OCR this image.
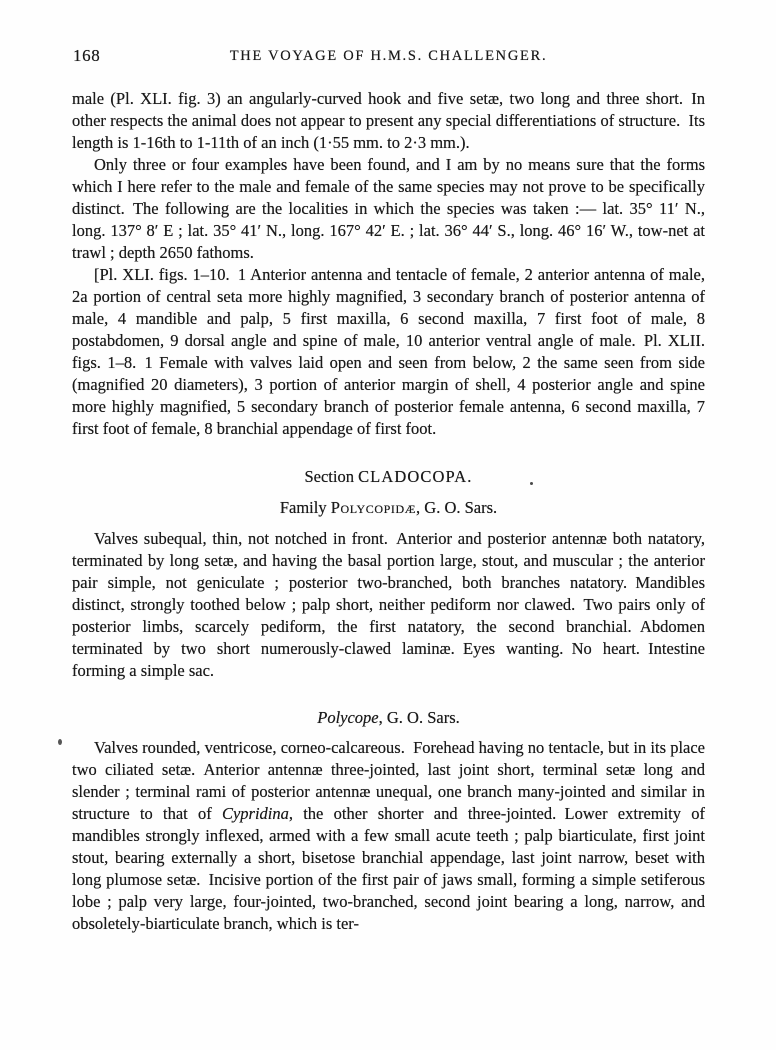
168	THE VOYAGE OF H.M.S. CHALLENGER.

male (Pl. XLI. fig. 3) an angularly-curved hook and five setæ, two long and three short. In other respects the animal does not appear to present any special differentiations of structure. Its length is 1-16th to 1-11th of an inch (1·55 mm. to 2·3 mm.).

Only three or four examples have been found, and I am by no means sure that the forms which I here refer to the male and female of the same species may not prove to be specifically distinct. The following are the localities in which the species was taken :— lat. 35° 11′ N., long. 137° 8′ E ; lat. 35° 41′ N., long. 167° 42′ E. ; lat. 36° 44′ S., long. 46° 16′ W., tow-net at trawl ; depth 2650 fathoms.

[Pl. XLI. figs. 1–10. 1 Anterior antenna and tentacle of female, 2 anterior antenna of male, 2a portion of central seta more highly magnified, 3 secondary branch of posterior antenna of male, 4 mandible and palp, 5 first maxilla, 6 second maxilla, 7 first foot of male, 8 postabdomen, 9 dorsal angle and spine of male, 10 anterior ventral angle of male. Pl. XLII. figs. 1–8. 1 Female with valves laid open and seen from below, 2 the same seen from side (magnified 20 diameters), 3 portion of anterior margin of shell, 4 posterior angle and spine more highly magnified, 5 secondary branch of posterior female antenna, 6 second maxilla, 7 first foot of female, 8 branchial appendage of first foot.

Section CLADOCOPA.
Family Polycopidæ, G. O. Sars.

Valves subequal, thin, not notched in front. Anterior and posterior antennæ both natatory, terminated by long setæ, and having the basal portion large, stout, and muscular ; the anterior pair simple, not geniculate ; posterior two-branched, both branches natatory. Mandibles distinct, strongly toothed below ; palp short, neither pediform nor clawed. Two pairs only of posterior limbs, scarcely pediform, the first natatory, the second branchial. Abdomen terminated by two short numerously-clawed laminæ. Eyes wanting. No heart. Intestine forming a simple sac.

Polycope, G. O. Sars.

Valves rounded, ventricose, corneo-calcareous. Forehead having no tentacle, but in its place two ciliated setæ. Anterior antennæ three-jointed, last joint short, terminal setæ long and slender ; terminal rami of posterior antennæ unequal, one branch many-jointed and similar in structure to that of Cypridina, the other shorter and three-jointed. Lower extremity of mandibles strongly inflexed, armed with a few small acute teeth ; palp biarticulate, first joint stout, bearing externally a short, bisetose branchial appendage, last joint narrow, beset with long plumose setæ. Incisive portion of the first pair of jaws small, forming a simple setiferous lobe ; palp very large, four-jointed, two-branched, second joint bearing a long, narrow, and obsoletely-biarticulate branch, which is ter-
